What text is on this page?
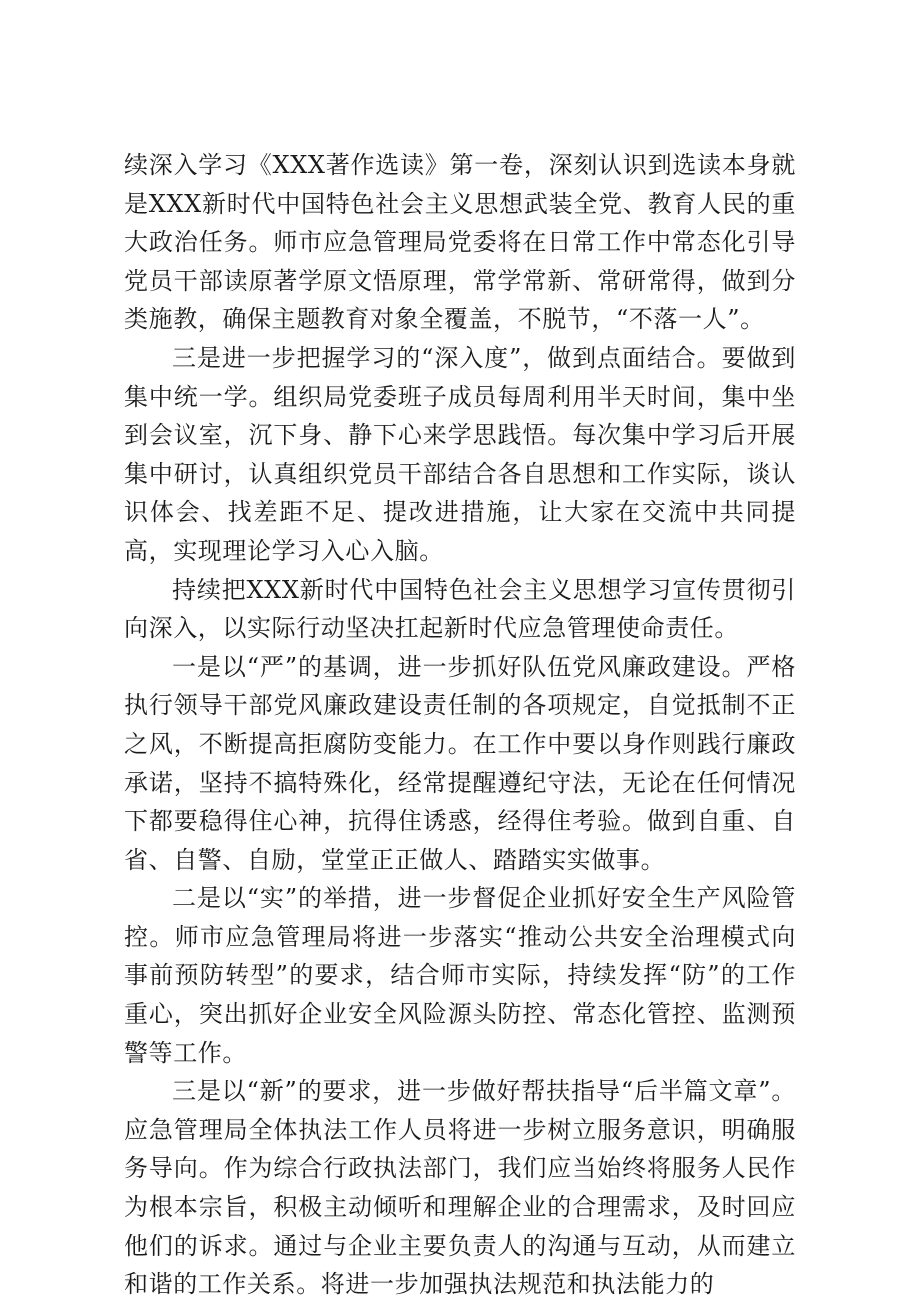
续深入学习《XXX著作选读》第一卷，深刻认识到选读本身就是XXX新时代中国特色社会主义思想武装全党、教育人民的重大政治任务。师市应急管理局党委将在日常工作中常态化引导党员干部读原著学原文悟原理，常学常新、常研常得，做到分类施教，确保主题教育对象全覆盖，不脱节，“不落一人”。

三是进一步把握学习的“深入度”，做到点面结合。要做到集中统一学。组织局党委班子成员每周利用半天时间，集中坐到会议室，沉下身、静下心来学思践悟。每次集中学习后开展集中研讨，认真组织党员干部结合各自思想和工作实际，谈认识体会、找差距不足、提改进措施，让大家在交流中共同提高，实现理论学习入心入脑。

持续把XXX新时代中国特色社会主义思想学习宣传贯彻引向深入，以实际行动坚决扛起新时代应急管理使命责任。

一是以“严”的基调，进一步抓好队伍党风廉政建设。严格执行领导干部党风廉政建设责任制的各项规定，自觉抵制不正之风，不断提高拒腐防变能力。在工作中要以身作则践行廉政承诺，坚持不搞特殊化，经常提醒遵纪守法，无论在任何情况下都要稳得住心神，抗得住诱惑，经得住考验。做到自重、自省、自警、自励，堂堂正正做人、踏踏实实做事。

二是以“实”的举措，进一步督促企业抓好安全生产风险管控。师市应急管理局将进一步落实“推动公共安全治理模式向事前预防转型”的要求，结合师市实际，持续发挥“防”的工作重心，突出抓好企业安全风险源头防控、常态化管控、监测预警等工作。

三是以“新”的要求，进一步做好帮扶指导“后半篇文章”。应急管理局全体执法工作人员将进一步树立服务意识，明确服务导向。作为综合行政执法部门，我们应当始终将服务人民作为根本宗旨，积极主动倾听和理解企业的合理需求，及时回应他们的诉求。通过与企业主要负责人的沟通与互动，从而建立和谐的工作关系。将进一步加强执法规范和执法能力的
